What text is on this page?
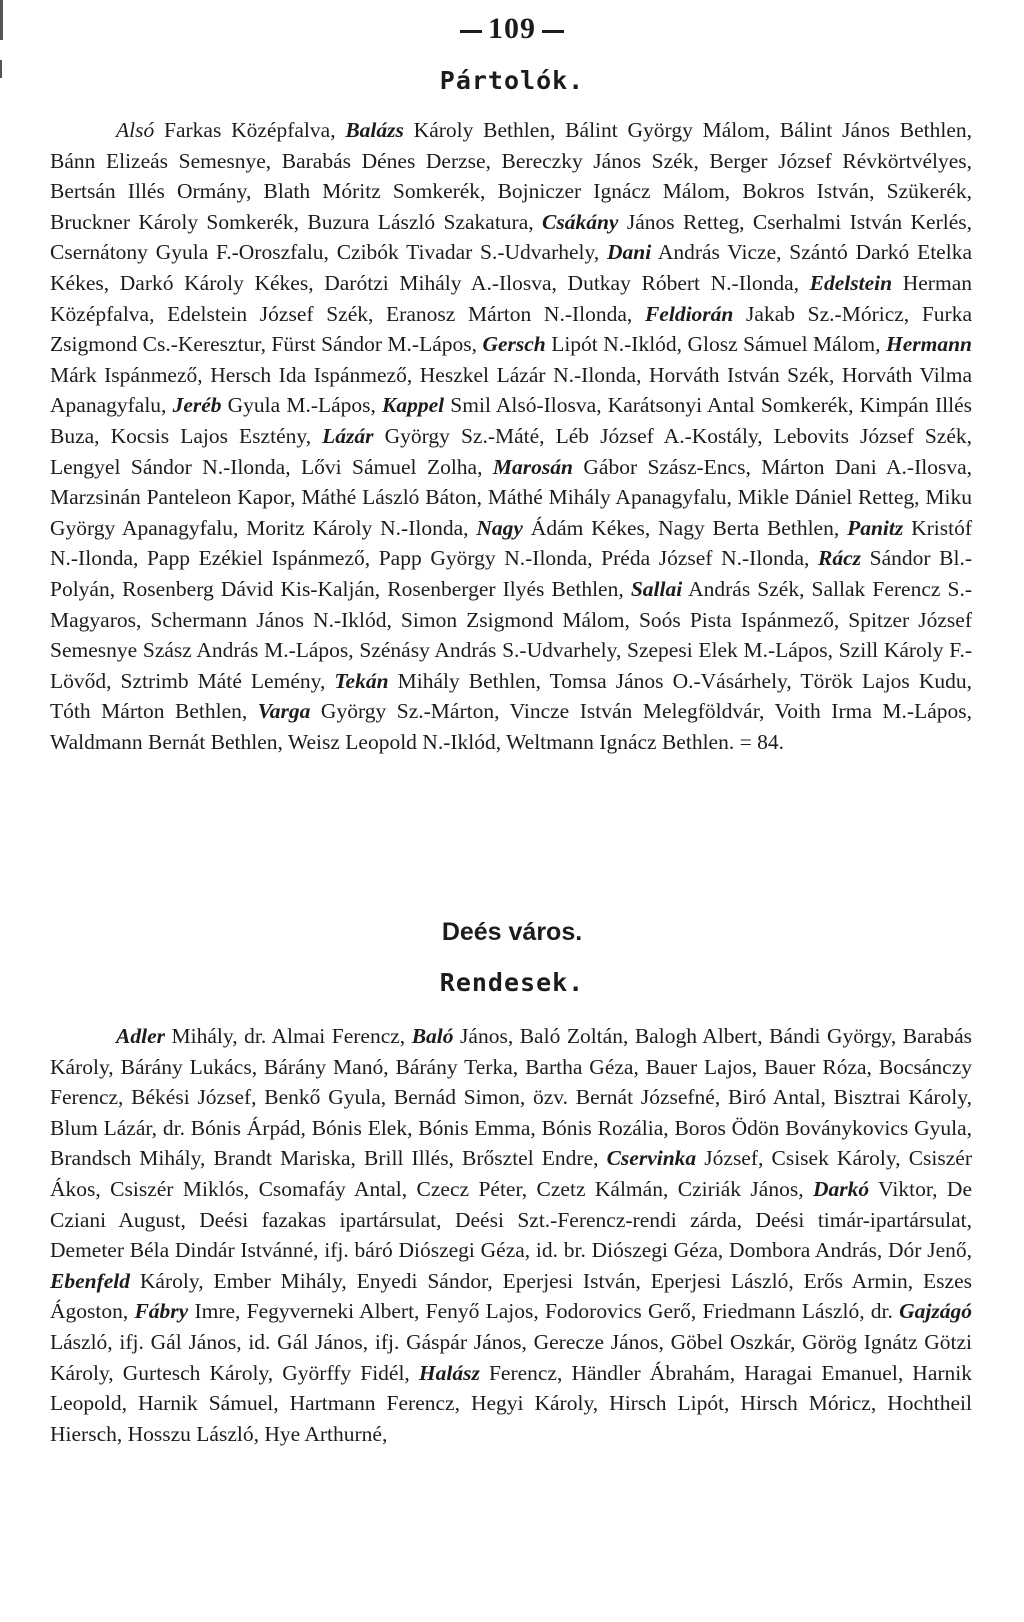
109
Pártolók.

Alsó Farkas Középfalva, Balázs Károly Bethlen, Bálint György Málom, Bálint János Bethlen, Bánn Elizeás Semesnye, Barabás Dénes Derzse, Bereczky János Szék, Berger József Révkörtvélyes, Bertsán Illés Ormány, Blath Móritz Somkerék, Bojniczer Ignácz Málom, Bokros István, Szükerék, Bruckner Károly Somkerék, Buzura László Szakatura, Csákány János Retteg, Cserhalmi István Kerlés, Csernátony Gyula F.-Oroszfalu, Czibók Tivadar S.-Udvarhely, Dani András Vicze, Szántó Darkó Etelka Kékes, Darkó Károly Kékes, Darótzi Mihály A.-Ilosva, Dutkay Róbert N.-Ilonda, Edelstein Herman Középfalva, Edelstein József Szék, Eranosz Márton N.-Ilonda, Feldiorán Jakab Sz.-Móricz, Furka Zsigmond Cs.-Keresztur, Fürst Sándor M.-Lápos, Gersch Lipót N.-Iklód, Glosz Sámuel Málom, Hermann Márk Ispánmező, Hersch Ida Ispánmező, Heszkel Lázár N.-Ilonda, Horváth István Szék, Horváth Vilma Apanagyfalu, Jeréb Gyula M.-Lápos, Kappel Smil Alsó-Ilosva, Karátsonyi Antal Somkerék, Kimpán Illés Buza, Kocsis Lajos Esztény, Lázár György Sz.-Máté, Léb József A.-Kostály, Lebovits József Szék, Lengyel Sándor N.-Ilonda, Lővi Sámuel Zolha, Marosán Gábor Szász-Encs, Márton Dani A.-Ilosva, Marzsinán Panteleon Kapor, Máthé László Báton, Máthé Mihály Apanagyfalu, Mikle Dániel Retteg, Miku György Apanagyfalu, Moritz Károly N.-Ilonda, Nagy Ádám Kékes, Nagy Berta Bethlen, Panitz Kristóf N.-Ilonda, Papp Ezékiel Ispánmező, Papp György N.-Ilonda, Préda József N.-Ilonda, Rácz Sándor Bl.-Polyán, Rosenberg Dávid Kis-Kalján, Rosenberger Ilyés Bethlen, Sallai András Szék, Sallak Ferencz S.-Magyaros, Schermann János N.-Iklód, Simon Zsigmond Málom, Soós Pista Ispánmező, Spitzer József Semesnye Szász András M.-Lápos, Szénásy András S.-Udvarhely, Szepesi Elek M.-Lápos, Szill Károly F.-Lövőd, Sztrimb Máté Lemény, Tekán Mihály Bethlen, Tomsa János O.-Vásárhely, Török Lajos Kudu, Tóth Márton Bethlen, Varga György Sz.-Márton, Vincze István Melegföldvár, Voith Irma M.-Lápos, Waldmann Bernát Bethlen, Weisz Leopold N.-Iklód, Weltmann Ignácz Bethlen. = 84.

Deés város.
Rendesek.

Adler Mihály, dr. Almai Ferencz, Baló János, Baló Zoltán, Balogh Albert, Bándi György, Barabás Károly, Bárány Lukács, Bárány Manó, Bárány Terka, Bartha Géza, Bauer Lajos, Bauer Róza, Bocsánczy Ferencz, Békési József, Benkő Gyula, Bernád Simon, özv. Bernát Józsefné, Biró Antal, Bisztrai Károly, Blum Lázár, dr. Bónis Árpád, Bónis Elek, Bónis Emma, Bónis Rozália, Boros Ödön Boványkovics Gyula, Brandsch Mihály, Brandt Mariska, Brill Illés, Brősztel Endre, Cservinka József, Csisek Károly, Csiszér Ákos, Csiszér Miklós, Csomafáy Antal, Czecz Péter, Czetz Kálmán, Cziriák János, Darkó Viktor, De Cziani August, Deési fazakas ipartársulat, Deési Szt.-Ferencz-rendi zárda, Deési timár-ipartársulat, Demeter Béla Dindár Istvánné, ifj. báró Diószegi Géza, id. br. Diószegi Géza, Dombora András, Dór Jenő, Ebenfeld Károly, Ember Mihály, Enyedi Sándor, Eperjesi István, Eperjesi László, Erős Armin, Eszes Ágoston, Fábry Imre, Fegyverneki Albert, Fenyő Lajos, Fodorovics Gerő, Friedmann László, dr. Gajzágó László, ifj. Gál János, id. Gál János, ifj. Gáspár János, Gerecze János, Göbel Oszkár, Görög Ignátz Götzi Károly, Gurtesch Károly, Györffy Fidél, Halász Ferencz, Händler Ábrahám, Haragai Emanuel, Harnik Leopold, Harnik Sámuel, Hartmann Ferencz, Hegyi Károly, Hirsch Lipót, Hirsch Móricz, Hochtheil Hiersch, Hosszu László, Hye Arthurné,
